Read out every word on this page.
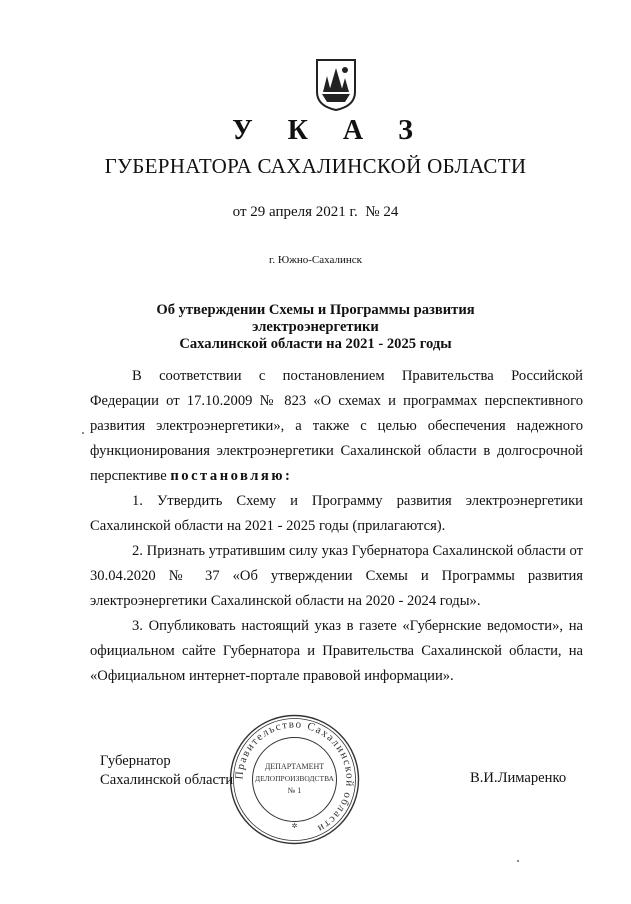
У К А З
ГУБЕРНАТОРА САХАЛИНСКОЙ ОБЛАСТИ
от 29 апреля 2021 г.  № 24
г. Южно-Сахалинск
Об утверждении Схемы и Программы развития электроэнергетики
Сахалинской области на 2021 - 2025 годы

В соответствии с постановлением Правительства Российской Федерации от 17.10.2009 № 823 «О схемах и программах перспективного развития электроэнергетики», а также с целью обеспечения надежного функционирования электроэнергетики Сахалинской области в долгосрочной перспективе постановляю:

1. Утвердить Схему и Программу развития электроэнергетики Сахалинской области на 2021 - 2025 годы (прилагаются).

2. Признать утратившим силу указ Губернатора Сахалинской области от 30.04.2020 № 37 «Об утверждении Схемы и Программы развития электроэнергетики Сахалинской области на 2020 - 2024 годы».

3. Опубликовать настоящий указ в газете «Губернские ведомости», на официальном сайте Губернатора и Правительства Сахалинской области, на «Официальном интернет-портале правовой информации».

Губернатор
Сахалинской области	В.И.Лимаренко
Правительство Сахалинской области
ДЕПАРТАМЕНТ
ДЕЛОПРОИЗВОДСТВА
№ 1
✲
